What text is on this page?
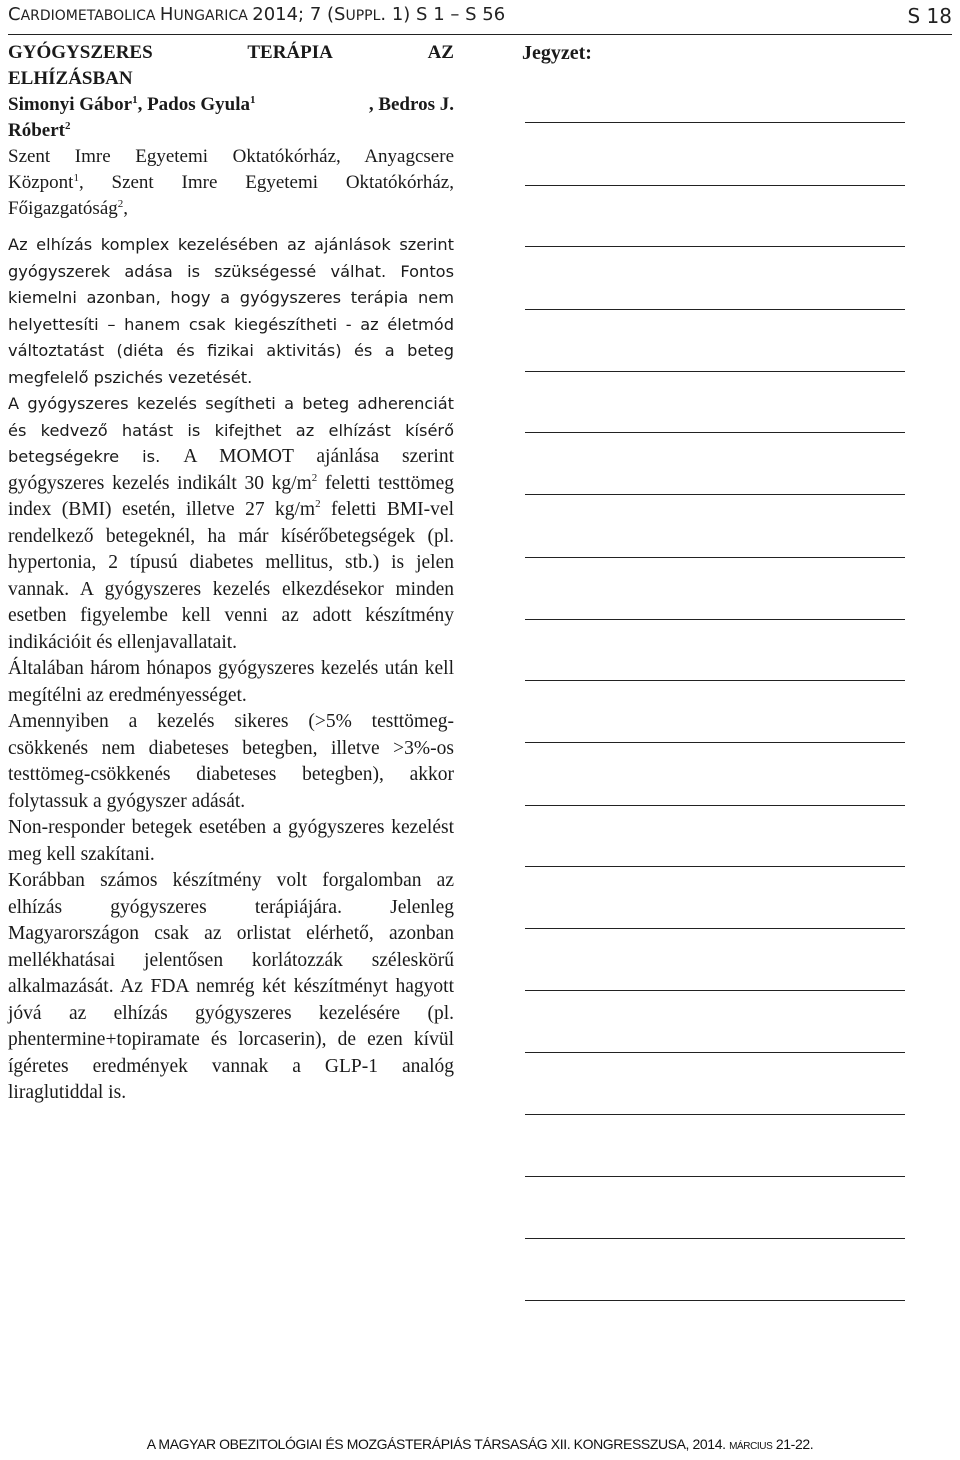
CARDIOMETABOLICA HUNGARICA 2014; 7 (SUPPL. 1) S 1 – S 56	S 18
GYÓGYSZERES	TERÁPIA	AZ
ELHÍZÁSBAN
Simonyi Gábor$^1$, Pados Gyula$^1$	, Bedros J.
Róbert$^2$
Szent Imre Egyetemi Oktatókórház, Anyagcsere Központ$^1$, Szent Imre Egyetemi Oktatókórház, Főigazgatóság$^2$,

Az elhízás komplex kezelésében az ajánlások szerint gyógyszerek adása is szükségessé válhat. Fontos kiemelni azonban, hogy a gyógyszeres terápia nem helyettesíti – hanem csak kiegészítheti - az életmód változtatást (diéta és fizikai aktivitás) és a beteg megfelelő pszichés vezetését.

A gyógyszeres kezelés segítheti a beteg adherenciát és kedvező hatást is kifejthet az elhízást kísérő betegségekre is. A MOMOT ajánlása szerint gyógyszeres kezelés indikált 30 $kg/m^2$ feletti testtömeg index (BMI) esetén, illetve 27 $kg/m^2$ feletti BMI-vel rendelkező betegeknél, ha már kísérőbetegségek (pl. hypertonia, 2 típusú diabetes mellitus, stb.) is jelen vannak. A gyógyszeres kezelés elkezdésekor minden esetben figyelembe kell venni az adott készítmény indikációit és ellenjavallatait.

Általában három hónapos gyógyszeres kezelés után kell megítélni az eredményességet.

Amennyiben a kezelés sikeres (>5% testtömeg-csökkenés nem diabeteses betegben, illetve >3%-os testtömeg-csökkenés diabeteses betegben), akkor folytassuk a gyógyszer adását.

Non-responder betegek esetében a gyógyszeres kezelést meg kell szakítani.

Korábban számos készítmény volt forgalomban az elhízás gyógyszeres terápiájára. Jelenleg Magyarországon csak az orlistat elérhető, azonban mellékhatásai jelentősen korlátozzák széleskörű alkalmazását. Az FDA nemrég két készítményt hagyott jóvá az elhízás gyógyszeres kezelésére (pl. phentermine+topiramate és lorcaserin), de ezen kívül ígéretes eredmények vannak a GLP-1 analóg liraglutiddal is.

Jegyzet:
A MAGYAR OBEZITOLÓGIAI ÉS MOZGÁSTERÁPIÁS TÁRSASÁG XII. KONGRESSZUSA, 2014. MÁRCIUS 21-22.
